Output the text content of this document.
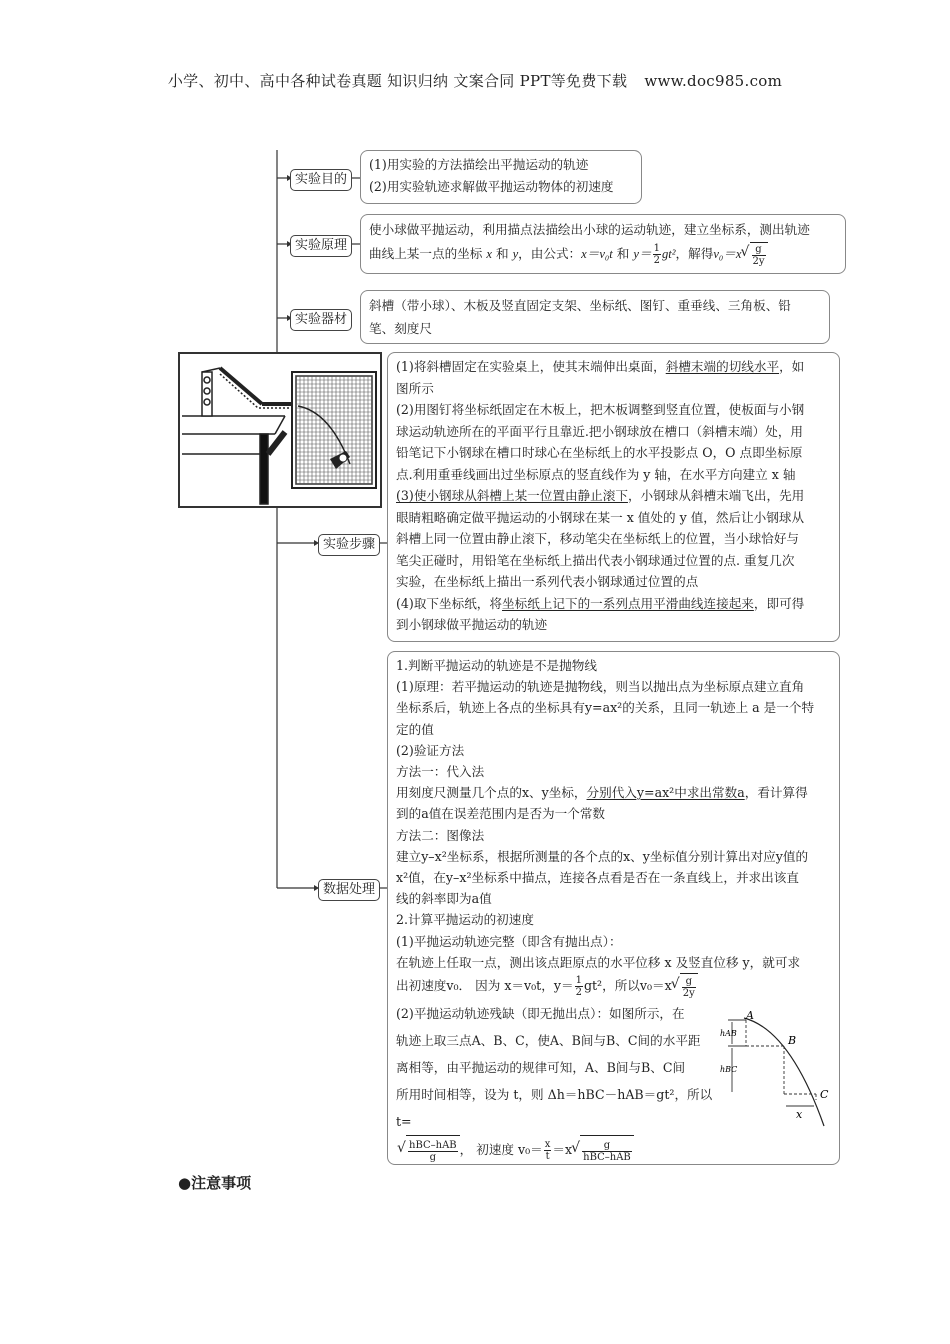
小学、初中、高中各种试卷真题 知识归纳 文案合同 PPT等免费下载 www.doc985.com
实验目的
实验原理
实验器材
实验步骤
数据处理

(1)用实验的方法描绘出平抛运动的轨迹

(2)用实验轨迹求解做平抛运动物体的初速度

使小球做平抛运动，利用描点法描绘出小球的运动轨迹，建立坐标系，测出轨迹

曲线上某一点的坐标 x 和 y，由公式：x＝v₀t 和 $y= \frac{1}{2} gt^2$，解得v₀＝x √ $\frac{g}{2y}$

斜槽（带小球）、木板及竖直固定支架、坐标纸、图钉、重垂线、三角板、铅

笔、刻度尺

(1)将斜槽固定在实验桌上，使其末端伸出桌面，斜槽末端的切线水平，如

图所示

(2)用图钉将坐标纸固定在木板上，把木板调整到竖直位置，使板面与小钢

球运动轨迹所在的平面平行且靠近.把小钢球放在槽口（斜槽末端）处，用

铅笔记下小钢球在槽口时球心在坐标纸上的水平投影点 O，O 点即坐标原

点.利用重垂线画出过坐标原点的竖直线作为 y 轴，在水平方向建立 x 轴

(3)使小钢球从斜槽上某一位置由静止滚下，小钢球从斜槽末端飞出，先用

眼睛粗略确定做平抛运动的小钢球在某一 x 值处的 y 值，然后让小钢球从

斜槽上同一位置由静止滚下，移动笔尖在坐标纸上的位置，当小球恰好与

笔尖正碰时，用铅笔在坐标纸上描出代表小钢球通过位置的点. 重复几次

实验，在坐标纸上描出一系列代表小钢球通过位置的点

(4)取下坐标纸，将坐标纸上记下的一系列点用平滑曲线连接起来，即可得

到小钢球做平抛运动的轨迹

1.判断平抛运动的轨迹是不是抛物线

(1)原理：若平抛运动的轨迹是抛物线，则当以抛出点为坐标原点建立直角

坐标系后，轨迹上各点的坐标具有y=ax²的关系，且同一轨迹上 a 是一个特

定的值

(2)验证方法

方法一：代入法

用刻度尺测量几个点的x、y坐标，分别代入y=ax²中求出常数a，看计算得

到的a值在误差范围内是否为一个常数

方法二：图像法

建立y–x²坐标系，根据所测量的各个点的x、y坐标值分别计算出对应y值的

x²值，在y–x²坐标系中描点，连接各点看是否在一条直线上，并求出该直

线的斜率即为a值

2.计算平抛运动的初速度

(1)平抛运动轨迹完整（即含有抛出点）：

在轨迹上任取一点，测出该点距原点的水平位移 x 及竖直位移 y，就可求

出初速度v₀． 因为 x＝v₀t，$y= \frac{1}{2} gt^2$，所以v₀＝x √ $\frac{g}{2y}$

(2)平抛运动轨迹残缺（即无抛出点）：如图所示，在

轨迹上取三点A、B、C，使A、B间与B、C间的水平距

离相等，由平抛运动的规律可知，A、B间与B、C间

所用时间相等，设为 t，则 Δh＝hBC－hAB＝gt²，所以 t=

√ $\frac{\text{hBC–hAB}}{g}$ ， 初速度 $v_0= \frac{x}{t} =x$ √ $\frac{g}{\text{hBC–hAB}}$

A
B
C
x
hAB
hBC
●注意事项
